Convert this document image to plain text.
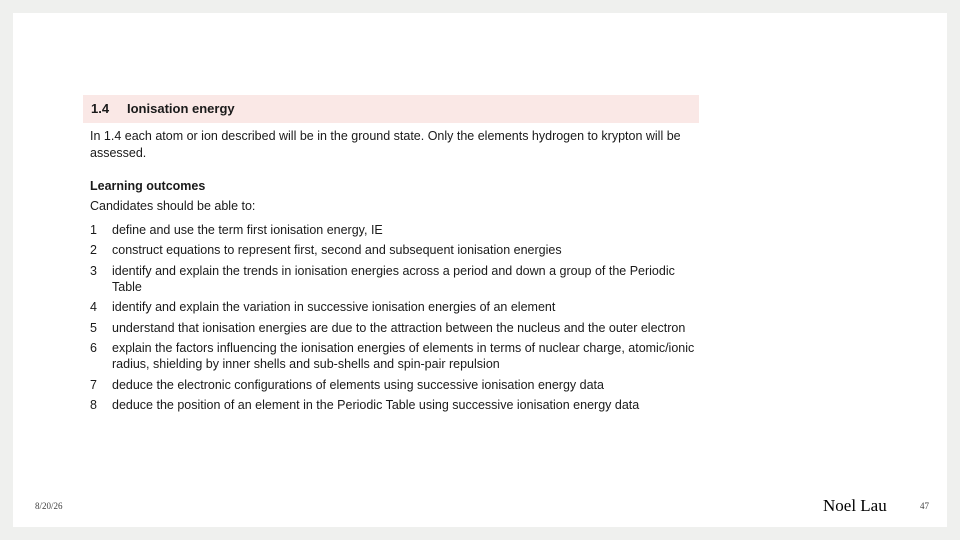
1.4 Ionisation energy
In 1.4 each atom or ion described will be in the ground state. Only the elements hydrogen to krypton will be assessed.
Learning outcomes
Candidates should be able to:
1	define and use the term first ionisation energy, IE
2	construct equations to represent first, second and subsequent ionisation energies
3	identify and explain the trends in ionisation energies across a period and down a group of the Periodic Table
4	identify and explain the variation in successive ionisation energies of an element
5	understand that ionisation energies are due to the attraction between the nucleus and the outer electron
6	explain the factors influencing the ionisation energies of elements in terms of nuclear charge, atomic/ionic radius, shielding by inner shells and sub-shells and spin-pair repulsion
7	deduce the electronic configurations of elements using successive ionisation energy data
8	deduce the position of an element in the Periodic Table using successive ionisation energy data
8/20/26	Noel Lau	47
